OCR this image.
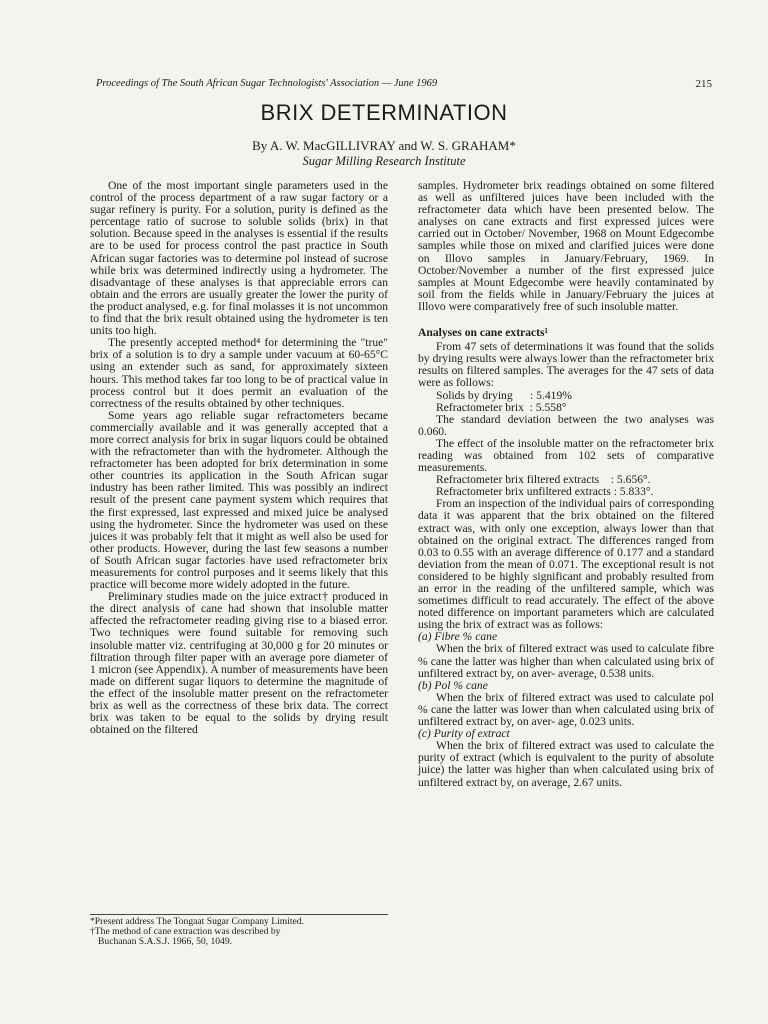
Proceedings of The South African Sugar Technologists' Association — June 1969	215
BRIX DETERMINATION
By A. W. MacGILLIVRAY and W. S. GRAHAM*
Sugar Milling Research Institute

One of the most important single parameters used in the control of the process department of a raw sugar factory or a sugar refinery is purity. For a solution, purity is defined as the percentage ratio of sucrose to soluble solids (brix) in that solution. Because speed in the analyses is essential if the results are to be used for process control the past practice in South African sugar factories was to determine pol instead of sucrose while brix was determined indirectly using a hydrometer. The disadvantage of these analyses is that appreciable errors can obtain and the errors are usually greater the lower the purity of the product analysed, e.g. for final molasses it is not uncommon to find that the brix result obtained using the hydrometer is ten units too high.

The presently accepted method⁴ for determining the "true" brix of a solution is to dry a sample under vacuum at 60-65°C using an extender such as sand, for approximately sixteen hours. This method takes far too long to be of practical value in process control but it does permit an evaluation of the correctness of the results obtained by other techniques.

Some years ago reliable sugar refractometers became commercially available and it was generally accepted that a more correct analysis for brix in sugar liquors could be obtained with the refractometer than with the hydrometer. Although the refractometer has been adopted for brix determination in some other countries its application in the South African sugar industry has been rather limited. This was possibly an indirect result of the present cane payment system which requires that the first expressed, last expressed and mixed juice be analysed using the hydrometer. Since the hydrometer was used on these juices it was probably felt that it might as well also be used for other products. However, during the last few seasons a number of South African sugar factories have used refractometer brix measurements for control purposes and it seems likely that this practice will become more widely adopted in the future.

Preliminary studies made on the juice extract† produced in the direct analysis of cane had shown that insoluble matter affected the refractometer reading giving rise to a biased error. Two techniques were found suitable for removing such insoluble matter viz. centrifuging at 30,000 g for 20 minutes or filtration through filter paper with an average pore diameter of 1 micron (see Appendix). A number of measurements have been made on different sugar liquors to determine the magnitude of the effect of the insoluble matter present on the refractometer brix as well as the correctness of these brix data. The correct brix was taken to be equal to the solids by drying result obtained on the filtered

*Present address The Tongaat Sugar Company Limited.

†The method of cane extraction was described by

Buchanan S.A.S.J. 1966, 50, 1049.

samples. Hydrometer brix readings obtained on some filtered as well as unfiltered juices have been included with the refractometer data which have been presented below. The analyses on cane extracts and first expressed juices were carried out in October/ November, 1968 on Mount Edgecombe samples while those on mixed and clarified juices were done on Illovo samples in January/February, 1969. In October/November a number of the first expressed juice samples at Mount Edgecombe were heavily contaminated by soil from the fields while in January/February the juices at Illovo were comparatively free of such insoluble matter.

Analyses on cane extracts¹

From 47 sets of determinations it was found that the solids by drying results were always lower than the refractometer brix results on filtered samples. The averages for the 47 sets of data were as follows:

Solids by drying      : 5.419%
Refractometer brix  : 5.558°

The standard deviation between the two analyses was 0.060.

The effect of the insoluble matter on the refractometer brix reading was obtained from 102 sets of comparative measurements.

Refractometer brix filtered extracts    : 5.656°.
Refractometer brix unfiltered extracts : 5.833°.

From an inspection of the individual pairs of corresponding data it was apparent that the brix obtained on the filtered extract was, with only one exception, always lower than that obtained on the original extract. The differences ranged from 0.03 to 0.55 with an average difference of 0.177 and a standard deviation from the mean of 0.071. The exceptional result is not considered to be highly significant and probably resulted from an error in the reading of the unfiltered sample, which was sometimes difficult to read accurately. The effect of the above noted difference on important parameters which are calculated using the brix of extract was as follows:

(a) Fibre % cane

When the brix of filtered extract was used to calculate fibre % cane the latter was higher than when calculated using brix of unfiltered extract by, on aver- average, 0.538 units.

(b) Pol % cane

When the brix of filtered extract was used to calculate pol % cane the latter was lower than when calculated using brix of unfiltered extract by, on aver- age, 0.023 units.

(c) Purity of extract

When the brix of filtered extract was used to calculate the purity of extract (which is equivalent to the purity of absolute juice) the latter was higher than when calculated using brix of unfiltered extract by, on average, 2.67 units.
